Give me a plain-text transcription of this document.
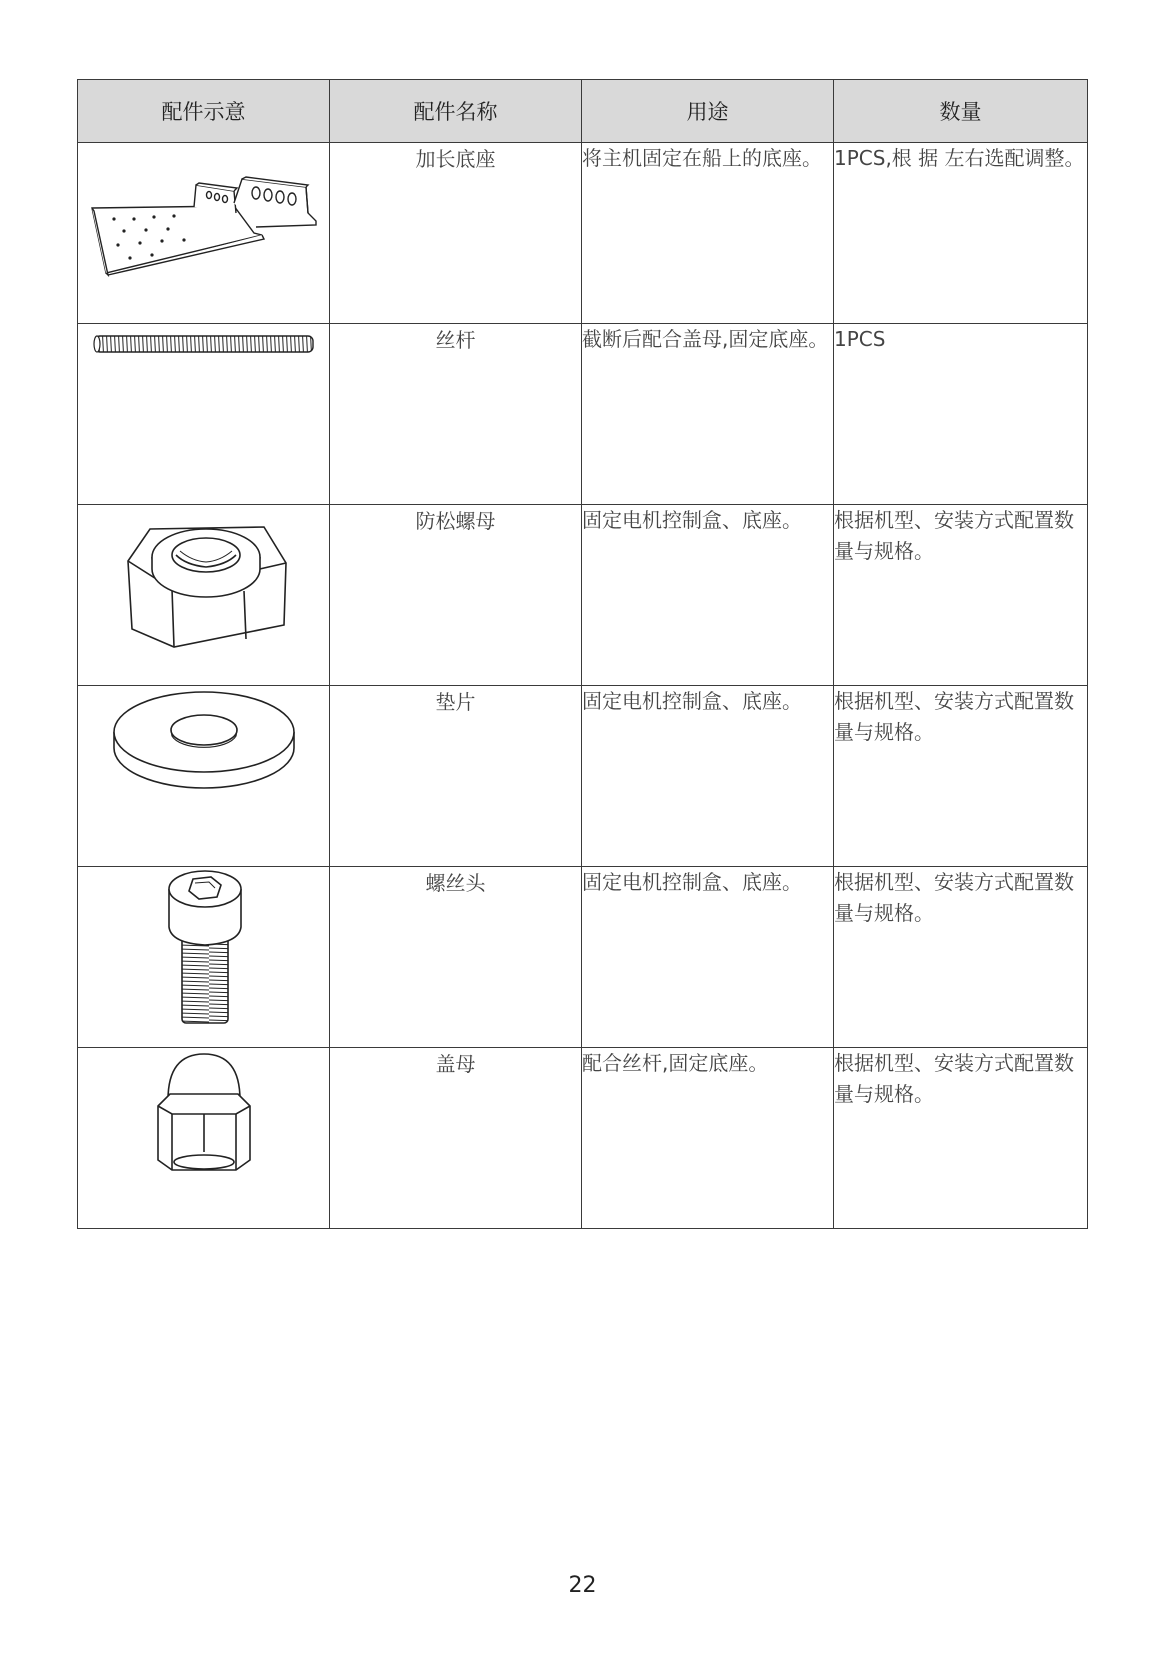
配件示意	配件名称	用途	数量

	加长底座	将主机固定在船上的底座。	1PCS,根 据 左右选配调整。

	丝杆	截断后配合盖母,固定底座。	1PCS

	防松螺母	固定电机控制盒、底座。	根据机型、安装方式配置数量与规格。

	垫片	固定电机控制盒、底座。	根据机型、安装方式配置数量与规格。

	螺丝头	固定电机控制盒、底座。	根据机型、安装方式配置数量与规格。

	盖母	配合丝杆,固定底座。	根据机型、安装方式配置数量与规格。
22
